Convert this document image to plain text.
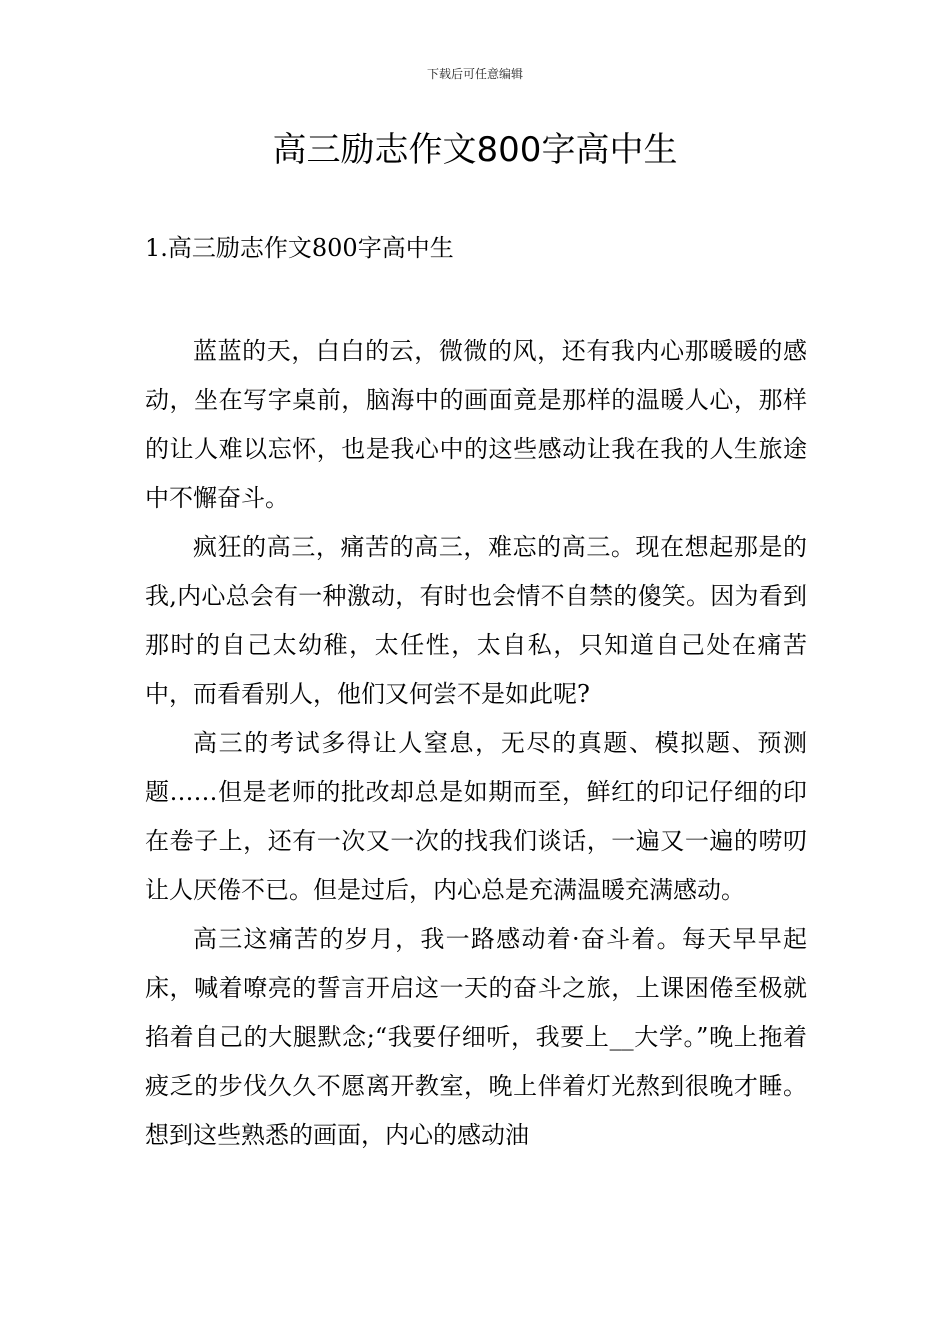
下载后可任意编辑
高三励志作文800字高中生
1.高三励志作文800字高中生

蓝蓝的天，白白的云，微微的风，还有我内心那暖暖的感动，坐在写字桌前，脑海中的画面竟是那样的温暖人心，那样的让人难以忘怀，也是我心中的这些感动让我在我的人生旅途中不懈奋斗。

疯狂的高三，痛苦的高三，难忘的高三。现在想起那是的我,内心总会有一种激动，有时也会情不自禁的傻笑。因为看到那时的自己太幼稚，太任性，太自私，只知道自己处在痛苦中，而看看别人，他们又何尝不是如此呢?

高三的考试多得让人窒息，无尽的真题、模拟题、预测题……但是老师的批改却总是如期而至，鲜红的印记仔细的印在卷子上，还有一次又一次的找我们谈话，一遍又一遍的唠叨让人厌倦不已。但是过后，内心总是充满温暖充满感动。

高三这痛苦的岁月，我一路感动着·奋斗着。每天早早起床，喊着嘹亮的誓言开启这一天的奋斗之旅，上课困倦至极就掐着自己的大腿默念;“我要仔细听，我要上__大学。”晚上拖着疲乏的步伐久久不愿离开教室，晚上伴着灯光熬到很晚才睡。想到这些熟悉的画面，内心的感动油
